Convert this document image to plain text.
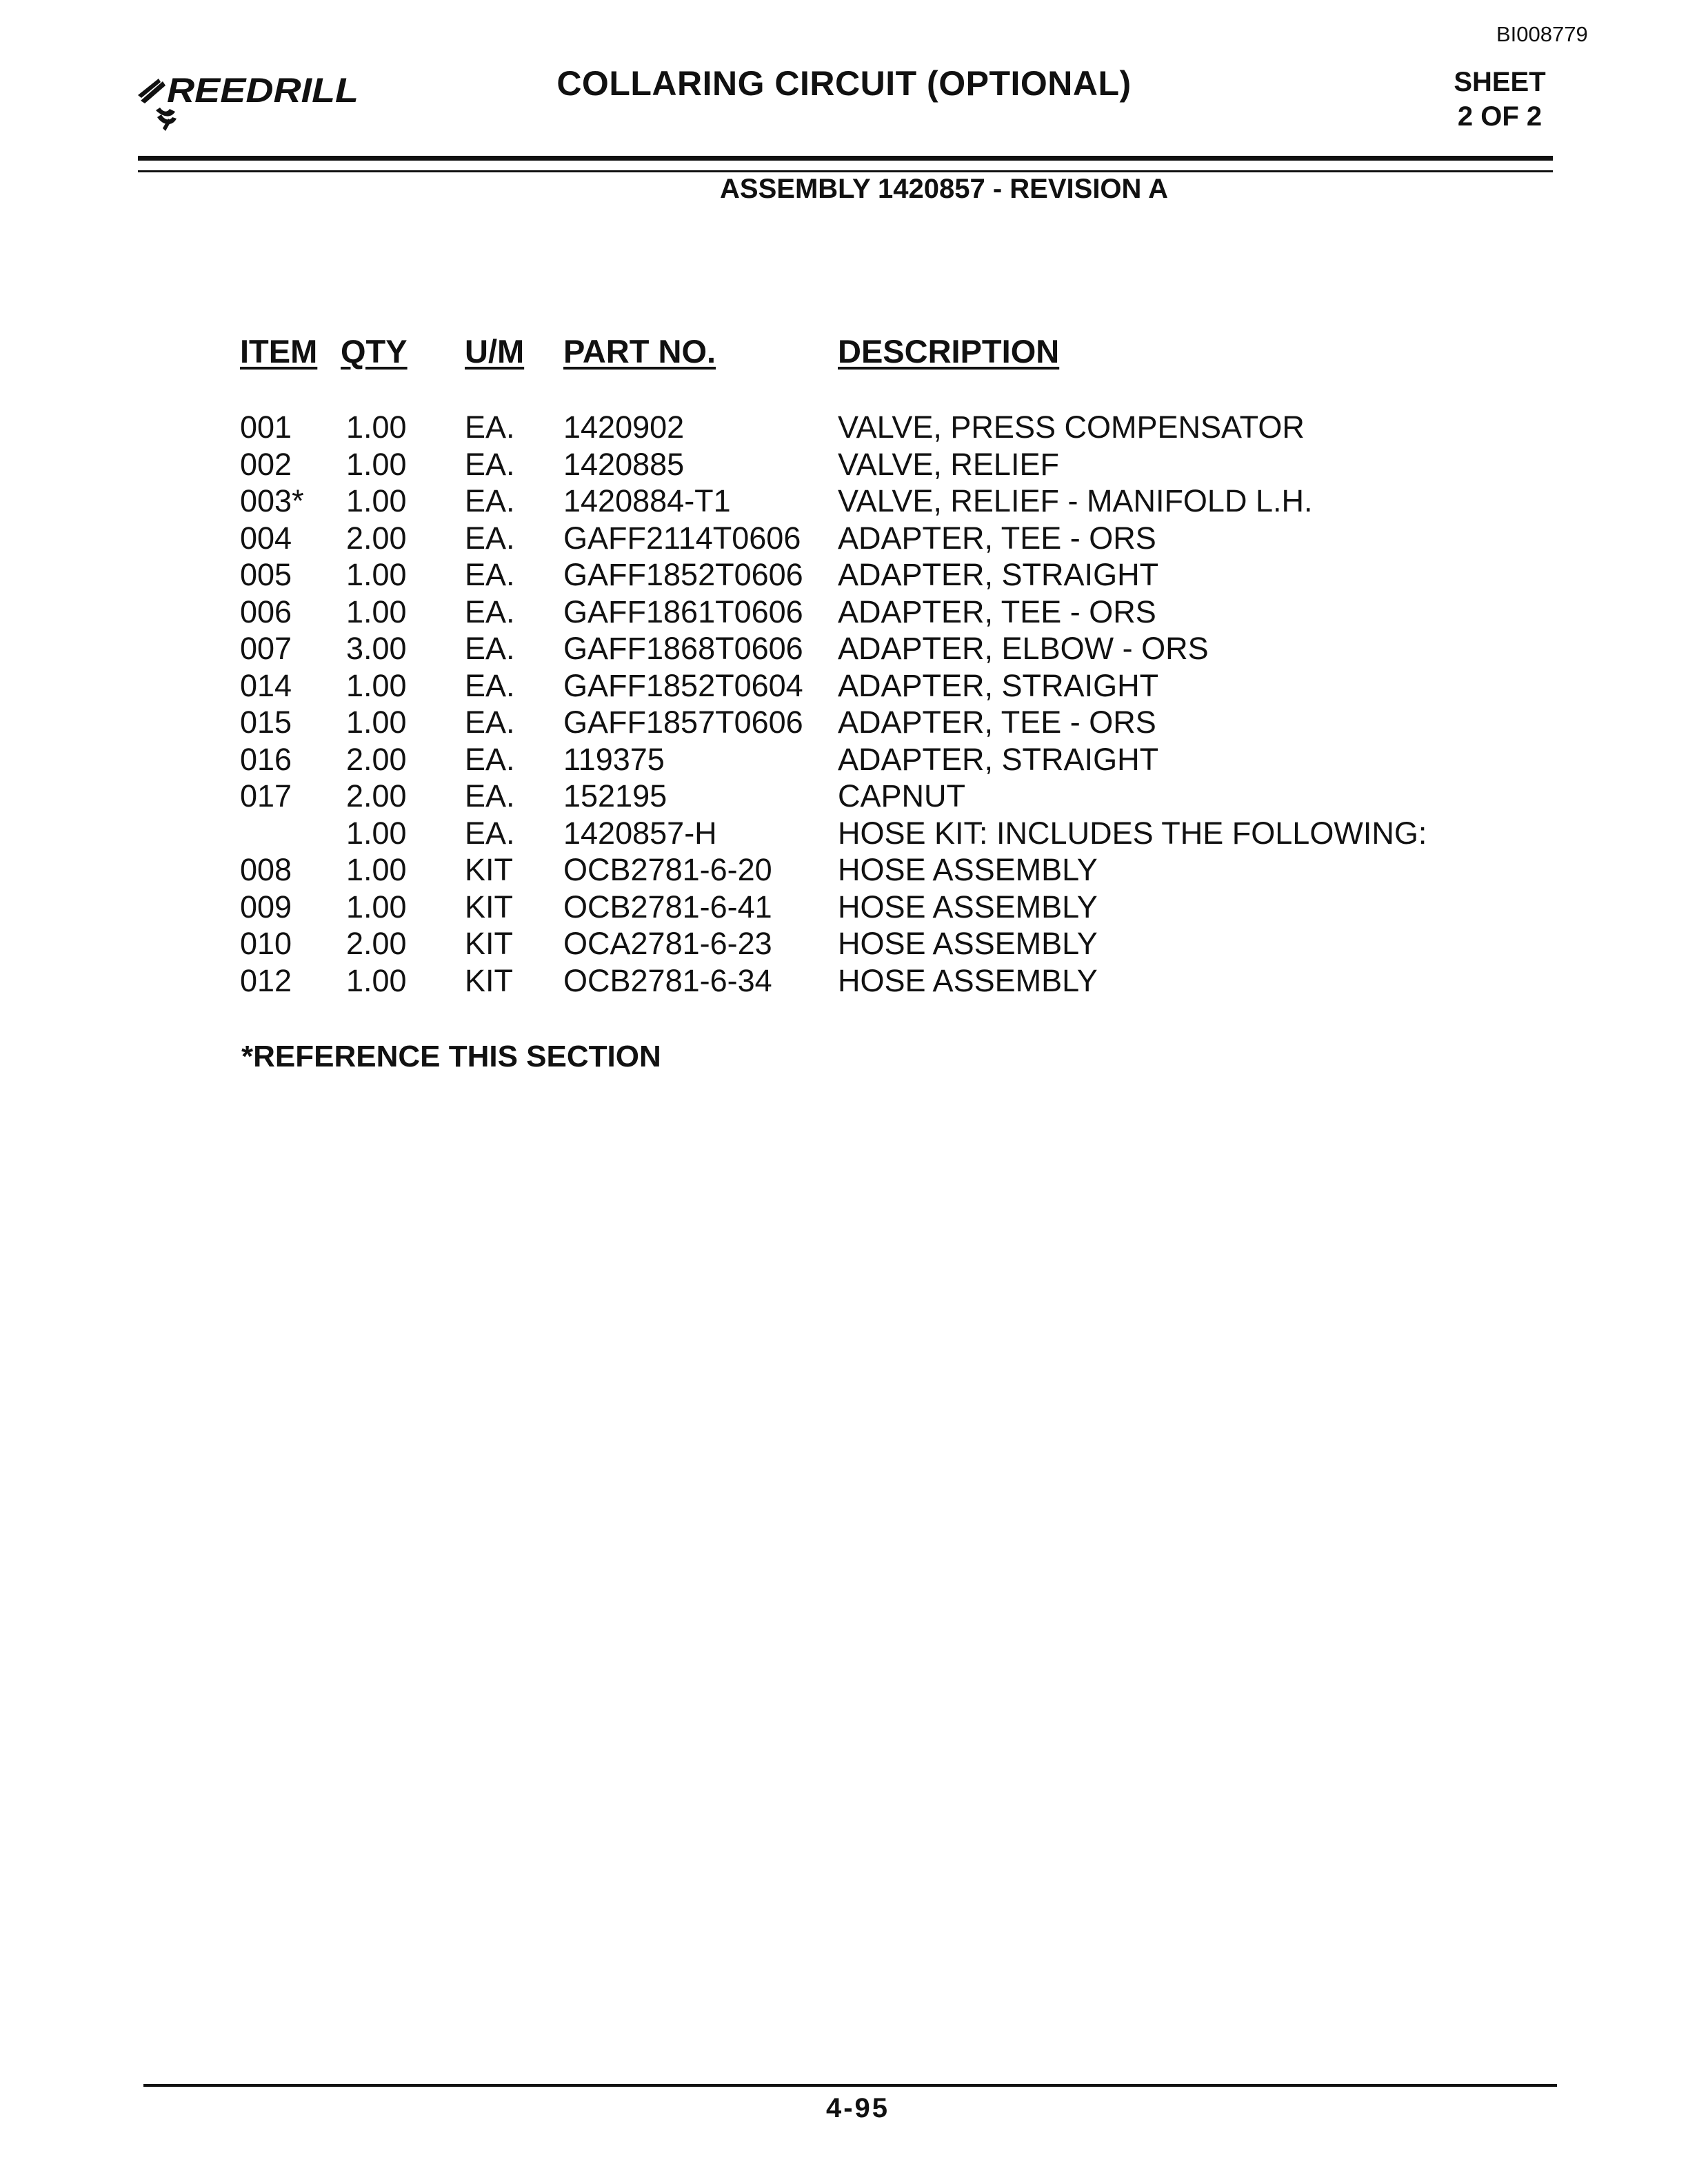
BI008779
REEDRILL	COLLARING CIRCUIT (OPTIONAL)	SHEET
2 OF 2
ASSEMBLY 1420857 - REVISION A
ITEM QTY U/M PART NO.	DESCRIPTION
001 1.00 EA. 1420902	VALVE, PRESS COMPENSATOR
002 1.00 EA. 1420885	VALVE, RELIEF
003* 1.00 EA. 1420884-T1	VALVE, RELIEF - MANIFOLD L.H.
004 2.00 EA. GAFF2114T0606 ADAPTER, TEE - ORS
005 1.00 EA. GAFF1852T0606 ADAPTER, STRAIGHT
006 1.00 EA. GAFF1861T0606 ADAPTER, TEE - ORS
007 3.00 EA. GAFF1868T0606 ADAPTER, ELBOW - ORS
014 1.00 EA. GAFF1852T0604 ADAPTER, STRAIGHT
015 1.00 EA. GAFF1857T0606 ADAPTER, TEE - ORS
016 2.00 EA. 119375	ADAPTER, STRAIGHT
017 2.00 EA. 152195	CAPNUT
1.00 EA. 1420857-H	HOSE KIT: INCLUDES THE FOLLOWING:
008 1.00 KIT OCB2781-6-20 HOSE ASSEMBLY
009 1.00 KIT OCB2781-6-41 HOSE ASSEMBLY
010 2.00 KIT OCA2781-6-23 HOSE ASSEMBLY
012 1.00 KIT OCB2781-6-34 HOSE ASSEMBLY
*REFERENCE THIS SECTION
4-95
